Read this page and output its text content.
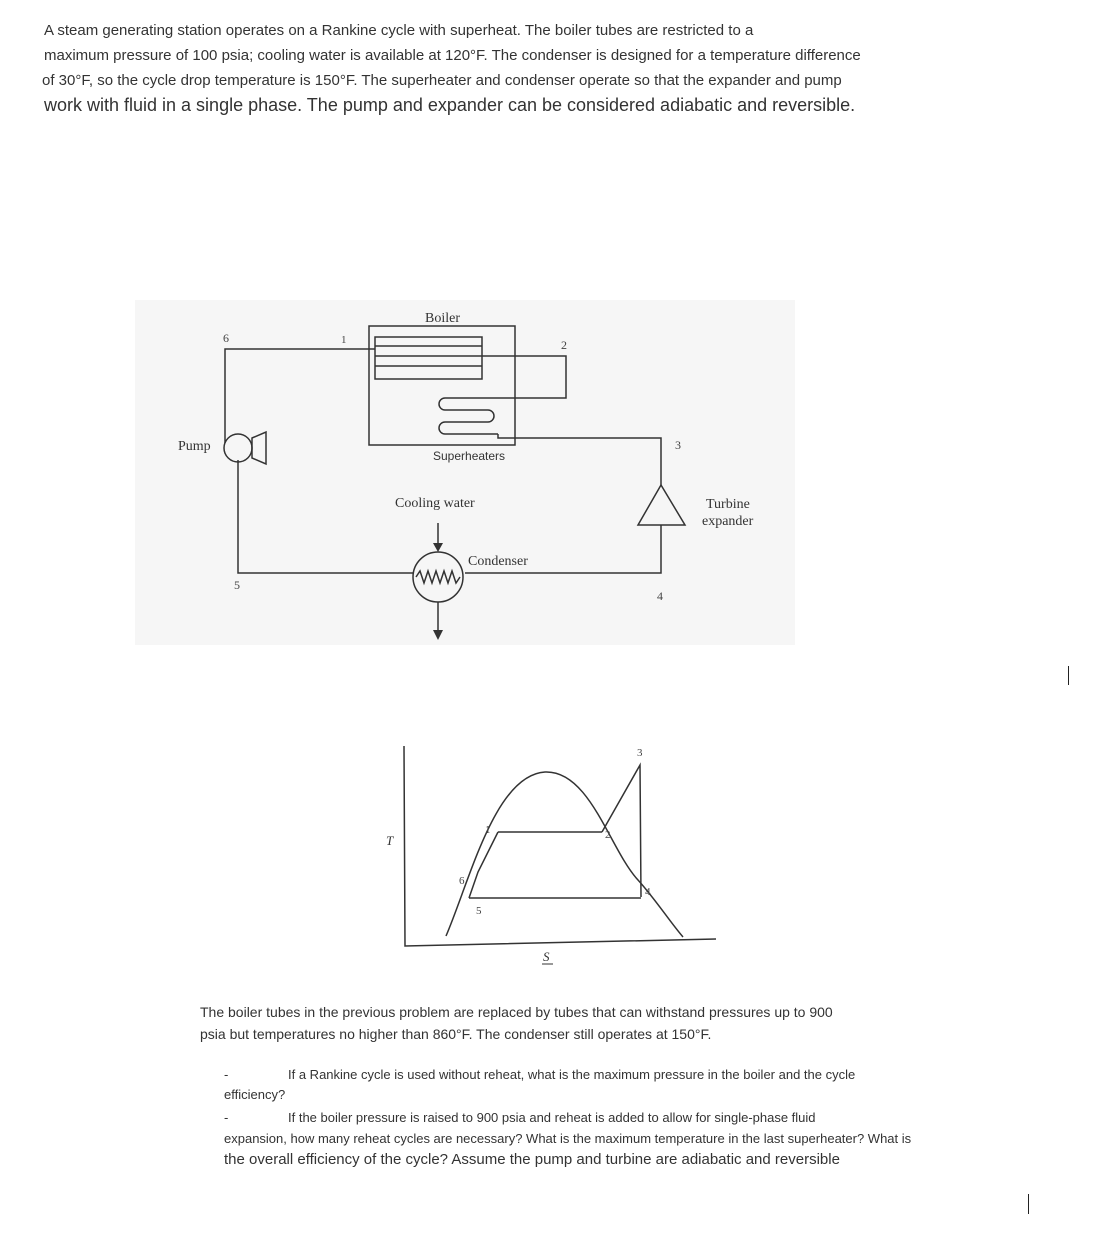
A steam generating station operates on a Rankine cycle with superheat. The boiler tubes are restricted to a

maximum pressure of 100 psia; cooling water is available at 120°F. The condenser is designed for a temperature difference

of 30°F, so the cycle drop temperature is 150°F. The superheater and condenser operate so that the expander and pump

work with fluid in a single phase. The pump and expander can be considered adiabatic and reversible.

Boiler
Superheaters
Pump
Cooling water
Condenser
Turbine
expander
6	1	2
3
4
5
T
S
1	2
3
4
5
6

The boiler tubes in the previous problem are replaced by tubes that can withstand pressures up to 900

psia but temperatures no higher than 860°F. The condenser still operates at 150°F.

-	If a Rankine cycle is used without reheat, what is the maximum pressure in the boiler and the cycle
efficiency?
-	If the boiler pressure is raised to 900 psia and reheat is added to allow for single-phase fluid
expansion, how many reheat cycles are necessary? What is the maximum temperature in the last superheater? What is
the overall efficiency of the cycle? Assume the pump and turbine are adiabatic and reversible
